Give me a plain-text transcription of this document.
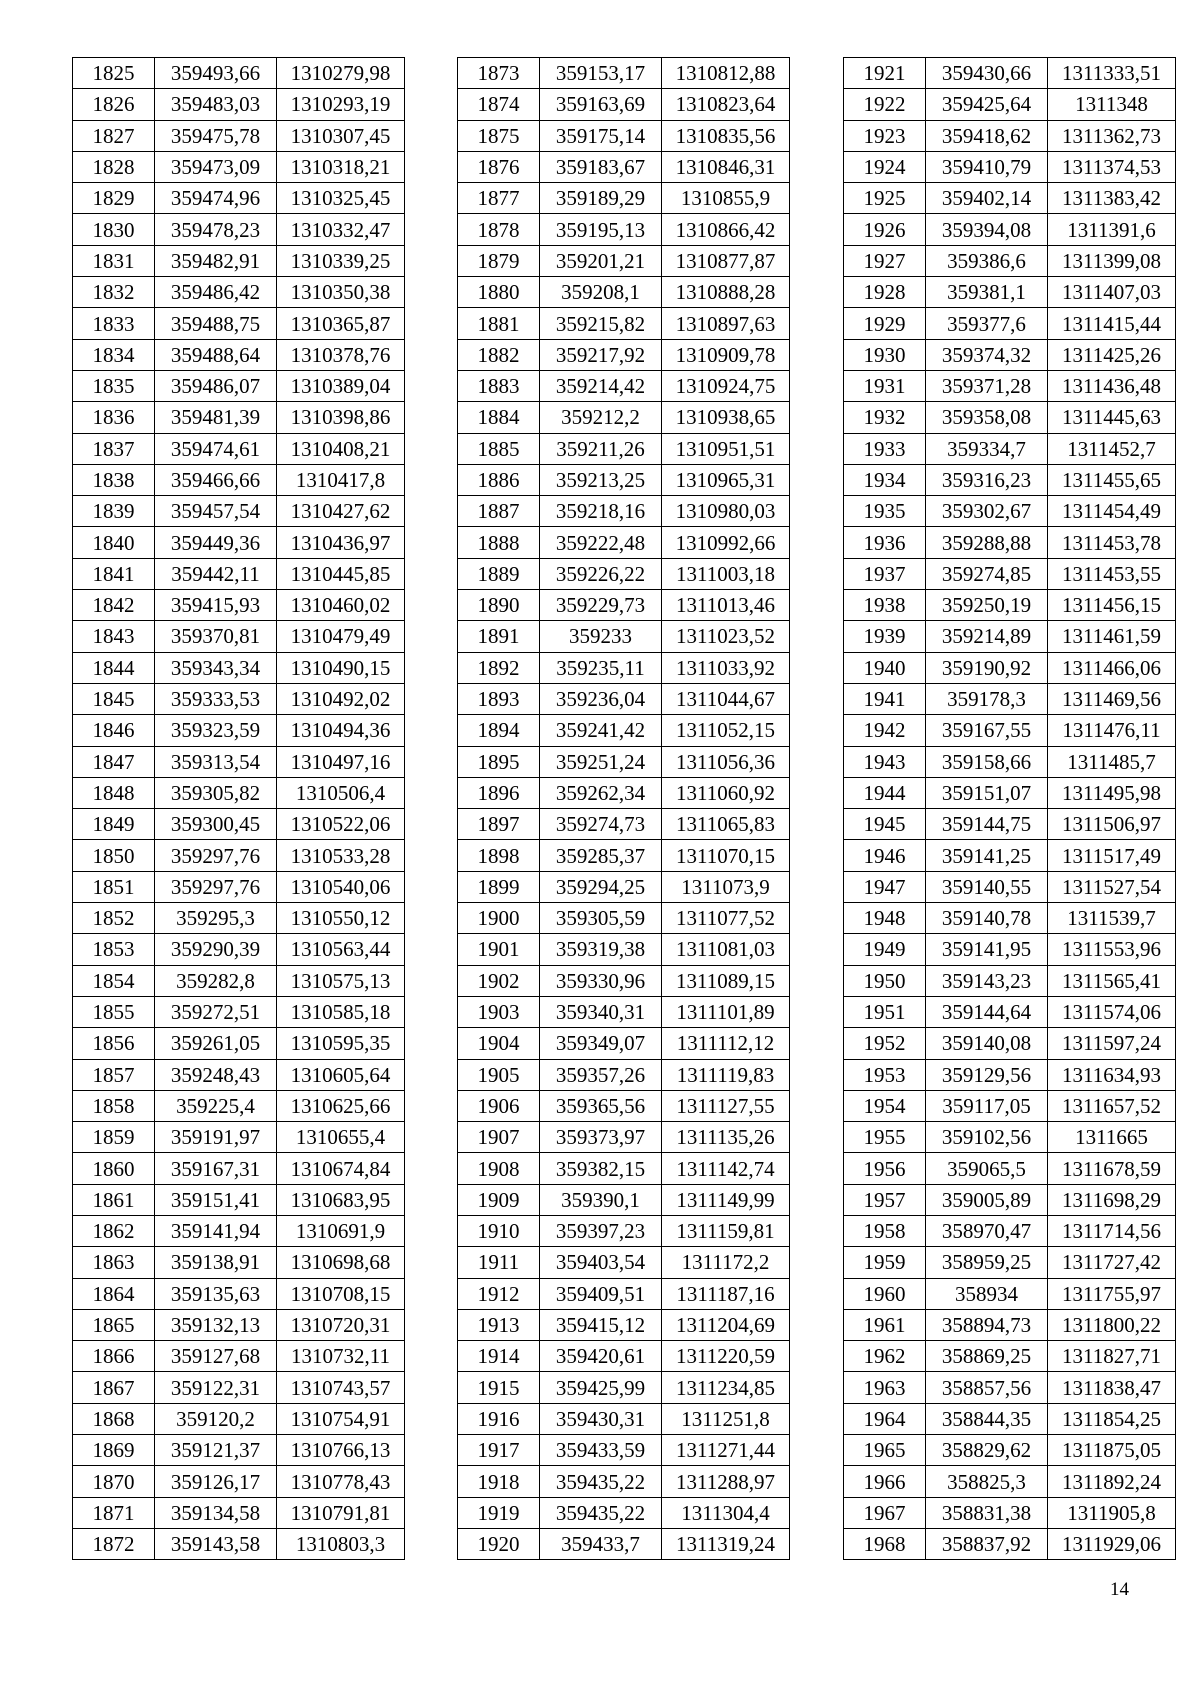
1825	359493,66	1310279,98
1826	359483,03	1310293,19
1827	359475,78	1310307,45
1828	359473,09	1310318,21
1829	359474,96	1310325,45
1830	359478,23	1310332,47
1831	359482,91	1310339,25
1832	359486,42	1310350,38
1833	359488,75	1310365,87
1834	359488,64	1310378,76
1835	359486,07	1310389,04
1836	359481,39	1310398,86
1837	359474,61	1310408,21
1838	359466,66	1310417,8
1839	359457,54	1310427,62
1840	359449,36	1310436,97
1841	359442,11	1310445,85
1842	359415,93	1310460,02
1843	359370,81	1310479,49
1844	359343,34	1310490,15
1845	359333,53	1310492,02
1846	359323,59	1310494,36
1847	359313,54	1310497,16
1848	359305,82	1310506,4
1849	359300,45	1310522,06
1850	359297,76	1310533,28
1851	359297,76	1310540,06
1852	359295,3	1310550,12
1853	359290,39	1310563,44
1854	359282,8	1310575,13
1855	359272,51	1310585,18
1856	359261,05	1310595,35
1857	359248,43	1310605,64
1858	359225,4	1310625,66
1859	359191,97	1310655,4
1860	359167,31	1310674,84
1861	359151,41	1310683,95
1862	359141,94	1310691,9
1863	359138,91	1310698,68
1864	359135,63	1310708,15
1865	359132,13	1310720,31
1866	359127,68	1310732,11
1867	359122,31	1310743,57
1868	359120,2	1310754,91
1869	359121,37	1310766,13
1870	359126,17	1310778,43
1871	359134,58	1310791,81
1872	359143,58	1310803,3
1873	359153,17	1310812,88
1874	359163,69	1310823,64
1875	359175,14	1310835,56
1876	359183,67	1310846,31
1877	359189,29	1310855,9
1878	359195,13	1310866,42
1879	359201,21	1310877,87
1880	359208,1	1310888,28
1881	359215,82	1310897,63
1882	359217,92	1310909,78
1883	359214,42	1310924,75
1884	359212,2	1310938,65
1885	359211,26	1310951,51
1886	359213,25	1310965,31
1887	359218,16	1310980,03
1888	359222,48	1310992,66
1889	359226,22	1311003,18
1890	359229,73	1311013,46
1891	359233	1311023,52
1892	359235,11	1311033,92
1893	359236,04	1311044,67
1894	359241,42	1311052,15
1895	359251,24	1311056,36
1896	359262,34	1311060,92
1897	359274,73	1311065,83
1898	359285,37	1311070,15
1899	359294,25	1311073,9
1900	359305,59	1311077,52
1901	359319,38	1311081,03
1902	359330,96	1311089,15
1903	359340,31	1311101,89
1904	359349,07	1311112,12
1905	359357,26	1311119,83
1906	359365,56	1311127,55
1907	359373,97	1311135,26
1908	359382,15	1311142,74
1909	359390,1	1311149,99
1910	359397,23	1311159,81
1911	359403,54	1311172,2
1912	359409,51	1311187,16
1913	359415,12	1311204,69
1914	359420,61	1311220,59
1915	359425,99	1311234,85
1916	359430,31	1311251,8
1917	359433,59	1311271,44
1918	359435,22	1311288,97
1919	359435,22	1311304,4
1920	359433,7	1311319,24
1921	359430,66	1311333,51
1922	359425,64	1311348
1923	359418,62	1311362,73
1924	359410,79	1311374,53
1925	359402,14	1311383,42
1926	359394,08	1311391,6
1927	359386,6	1311399,08
1928	359381,1	1311407,03
1929	359377,6	1311415,44
1930	359374,32	1311425,26
1931	359371,28	1311436,48
1932	359358,08	1311445,63
1933	359334,7	1311452,7
1934	359316,23	1311455,65
1935	359302,67	1311454,49
1936	359288,88	1311453,78
1937	359274,85	1311453,55
1938	359250,19	1311456,15
1939	359214,89	1311461,59
1940	359190,92	1311466,06
1941	359178,3	1311469,56
1942	359167,55	1311476,11
1943	359158,66	1311485,7
1944	359151,07	1311495,98
1945	359144,75	1311506,97
1946	359141,25	1311517,49
1947	359140,55	1311527,54
1948	359140,78	1311539,7
1949	359141,95	1311553,96
1950	359143,23	1311565,41
1951	359144,64	1311574,06
1952	359140,08	1311597,24
1953	359129,56	1311634,93
1954	359117,05	1311657,52
1955	359102,56	1311665
1956	359065,5	1311678,59
1957	359005,89	1311698,29
1958	358970,47	1311714,56
1959	358959,25	1311727,42
1960	358934	1311755,97
1961	358894,73	1311800,22
1962	358869,25	1311827,71
1963	358857,56	1311838,47
1964	358844,35	1311854,25
1965	358829,62	1311875,05
1966	358825,3	1311892,24
1967	358831,38	1311905,8
1968	358837,92	1311929,06
14
